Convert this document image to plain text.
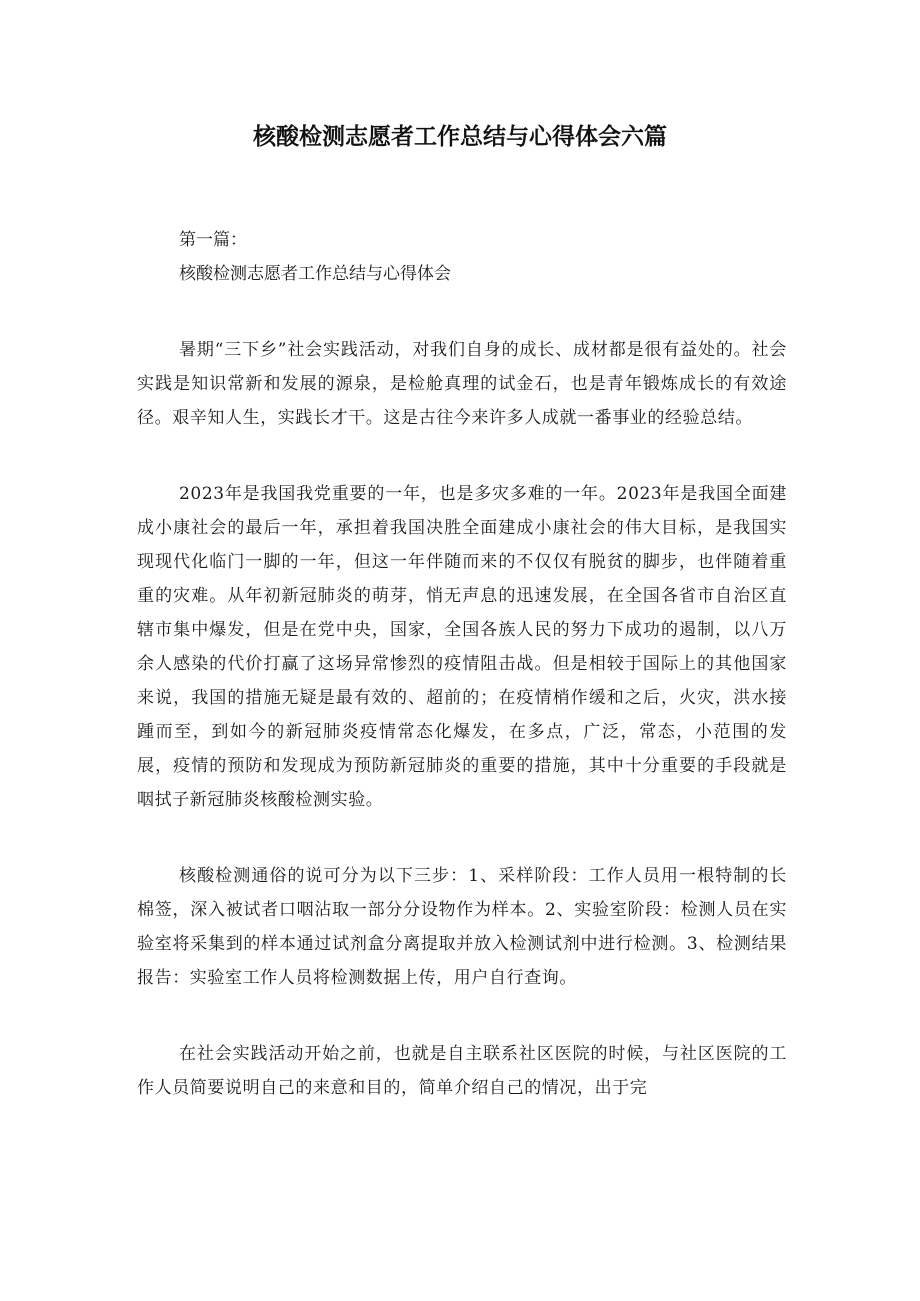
核酸检测志愿者工作总结与心得体会六篇

第一篇：

核酸检测志愿者工作总结与心得体会

暑期“三下乡”社会实践活动，对我们自身的成长、成材都是很有益处的。社会实践是知识常新和发展的源泉，是检舱真理的试金石，也是青年锻炼成长的有效途径。艰辛知人生，实践长才干。这是古往今来许多人成就一番事业的经验总结。

2023年是我国我党重要的一年，也是多灾多难的一年。2023年是我国全面建成小康社会的最后一年，承担着我国决胜全面建成小康社会的伟大目标，是我国实现现代化临门一脚的一年，但这一年伴随而来的不仅仅有脱贫的脚步，也伴随着重重的灾难。从年初新冠肺炎的萌芽，悄无声息的迅速发展，在全国各省市自治区直辖市集中爆发，但是在党中央，国家，全国各族人民的努力下成功的遏制，以八万余人感染的代价打赢了这场异常惨烈的疫情阻击战。但是相较于国际上的其他国家来说，我国的措施无疑是最有效的、超前的；在疫情梢作缓和之后，火灾，洪水接踵而至，到如今的新冠肺炎疫情常态化爆发，在多点，广泛，常态，小范围的发展，疫情的预防和发现成为预防新冠肺炎的重要的措施，其中十分重要的手段就是咽拭子新冠肺炎核酸检测实验。

核酸检测通俗的说可分为以下三步：1、采样阶段：工作人员用一根特制的长棉签，深入被试者口咽沾取一部分分设物作为样本。2、实验室阶段：检测人员在实验室将采集到的样本通过试剂盒分离提取并放入检测试剂中进行检测。3、检测结果报告：实验室工作人员将检测数据上传，用户自行查询。

在社会实践活动开始之前，也就是自主联系社区医院的时候，与社区医院的工作人员简要说明自己的来意和目的，简单介绍自己的情况，出于完
